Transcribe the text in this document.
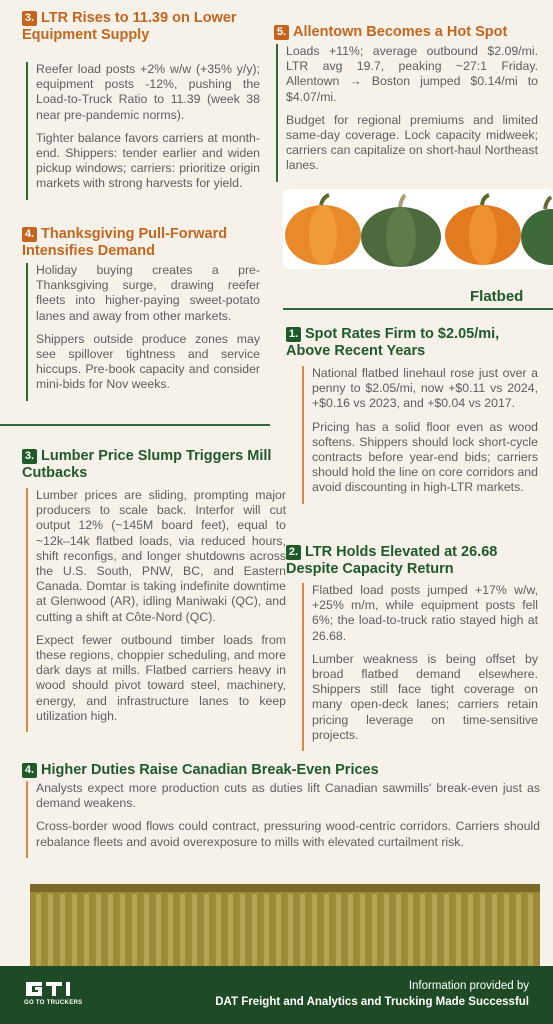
3. LTR Rises to 11.39 on Lower Equipment Supply

Reefer load posts +2% w/w (+35% y/y); equipment posts -12%, pushing the Load-to-Truck Ratio to 11.39 (week 38 near pre-pandemic norms).

Tighter balance favors carriers at month-end. Shippers: tender earlier and widen pickup windows; carriers: prioritize origin markets with strong harvests for yield.

4. Thanksgiving Pull-Forward Intensifies Demand

Holiday buying creates a pre-Thanksgiving surge, drawing reefer fleets into higher-paying sweet-potato lanes and away from other markets.

Shippers outside produce zones may see spillover tightness and service hiccups. Pre-book capacity and consider mini-bids for Nov weeks.

5. Allentown Becomes a Hot Spot

Loads +11%; average outbound $2.09/mi. LTR avg 19.7, peaking ~27:1 Friday. Allentown → Boston jumped $0.14/mi to $4.07/mi.

Budget for regional premiums and limited same-day coverage. Lock capacity midweek; carriers can capitalize on short-haul Northeast lanes.

Flatbed
1. Spot Rates Firm to $2.05/mi, Above Recent Years

National flatbed linehaul rose just over a penny to $2.05/mi, now +$0.11 vs 2024, +$0.16 vs 2023, and +$0.04 vs 2017.

Pricing has a solid floor even as wood softens. Shippers should lock short-cycle contracts before year-end bids; carriers should hold the line on core corridors and avoid discounting in high-LTR markets.

2. LTR Holds Elevated at 26.68 Despite Capacity Return

Flatbed load posts jumped +17% w/w, +25% m/m, while equipment posts fell 6%; the load-to-truck ratio stayed high at 26.68.

Lumber weakness is being offset by broad flatbed demand elsewhere. Shippers still face tight coverage on many open-deck lanes; carriers retain pricing leverage on time-sensitive projects.

3. Lumber Price Slump Triggers Mill Cutbacks

Lumber prices are sliding, prompting major producers to scale back. Interfor will cut output 12% (~145M board feet), equal to ~12k–14k flatbed loads, via reduced hours, shift reconfigs, and longer shutdowns across the U.S. South, PNW, BC, and Eastern Canada. Domtar is taking indefinite downtime at Glenwood (AR), idling Maniwaki (QC), and cutting a shift at Côte-Nord (QC).

Expect fewer outbound timber loads from these regions, choppier scheduling, and more dark days at mills. Flatbed carriers heavy in wood should pivot toward steel, machinery, energy, and infrastructure lanes to keep utilization high.

4. Higher Duties Raise Canadian Break-Even Prices

Analysts expect more production cuts as duties lift Canadian sawmills' break-even just as demand weakens.

Cross-border wood flows could contract, pressuring wood-centric corridors. Carriers should rebalance fleets and avoid overexposure to mills with elevated curtailment risk.

GO TO TRUCKERS
Information provided by
DAT Freight and Analytics and Trucking Made Successful
